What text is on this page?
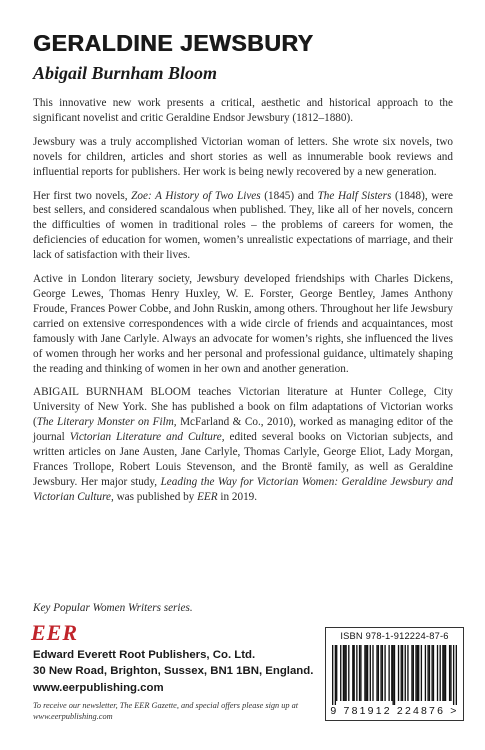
GERALDINE JEWSBURY
Abigail Burnham Bloom

This innovative new work presents a critical, aesthetic and historical approach to the significant novelist and critic Geraldine Endsor Jewsbury (1812–1880).

Jewsbury was a truly accomplished Victorian woman of letters. She wrote six novels, two novels for children, articles and short stories as well as innumerable book reviews and influential reports for publishers. Her work is being newly recovered by a new generation.

Her first two novels, Zoe: A History of Two Lives (1845) and The Half Sisters (1848), were best sellers, and considered scandalous when published. They, like all of her novels, concern the difficulties of women in traditional roles – the problems of careers for women, the deficiencies of education for women, women’s unrealistic expectations of marriage, and their lack of satisfaction with their lives.

Active in London literary society, Jewsbury developed friendships with Charles Dickens, George Lewes, Thomas Henry Huxley, W. E. Forster, George Bentley, James Anthony Froude, Frances Power Cobbe, and John Ruskin, among others. Throughout her life Jewsbury carried on extensive correspondences with a wide circle of friends and acquaintances, most famously with Jane Carlyle. Always an advocate for women’s rights, she influenced the lives of women through her works and her personal and professional guidance, ultimately shaping the reading and thinking of women in her own and another generation.

ABIGAIL BURNHAM BLOOM teaches Victorian literature at Hunter College, City University of New York. She has published a book on film adaptations of Victorian works (The Literary Monster on Film, McFarland & Co., 2010), worked as managing editor of the journal Victorian Literature and Culture, edited several books on Victorian subjects, and written articles on Jane Austen, Jane Carlyle, Thomas Carlyle, George Eliot, Lady Morgan, Frances Trollope, Robert Louis Stevenson, and the Brontë family, as well as Geraldine Jewsbury. Her major study, Leading the Way for Victorian Women: Geraldine Jewsbury and Victorian Culture, was published by EER in 2019.

Key Popular Women Writers series.
EER
Edward Everett Root Publishers, Co. Ltd.
30 New Road, Brighton, Sussex, BN1 1BN, England.
www.eerpublishing.com
To receive our newsletter, The EER Gazette, and special offers please sign up at
www.eerpublishing.com
ISBN 978-1-912224-87-6
9 781912 224876 >
